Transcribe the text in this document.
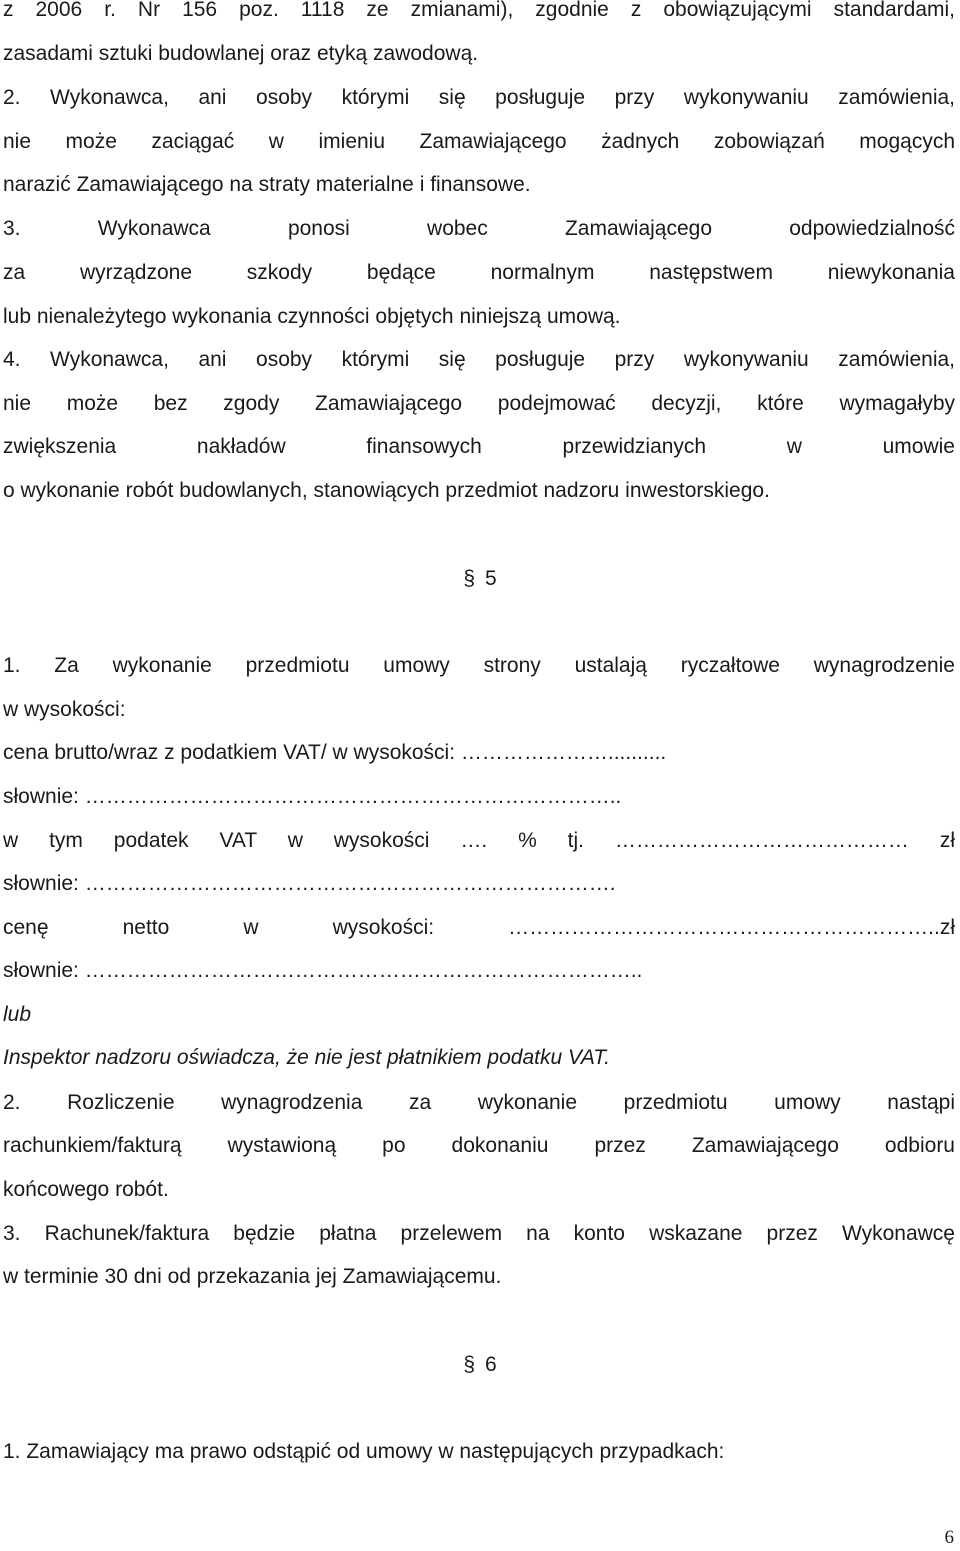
z 2006 r. Nr 156 poz. 1118 ze zmianami), zgodnie z obowiązującymi standardami,
zasadami sztuki budowlanej oraz etyką zawodową.
2. Wykonawca, ani osoby którymi się posługuje przy wykonywaniu zamówienia,
nie może zaciągać w imieniu Zamawiającego żadnych zobowiązań mogących
narazić Zamawiającego na straty materialne i finansowe.
3. Wykonawca ponosi wobec Zamawiającego odpowiedzialność
za wyrządzone szkody będące normalnym następstwem niewykonania
lub nienależytego wykonania czynności objętych niniejszą umową.
4. Wykonawca, ani osoby którymi się posługuje przy wykonywaniu zamówienia,
nie może bez zgody Zamawiającego podejmować decyzji, które wymagałyby
zwiększenia nakładów finansowych przewidzianych w umowie
o wykonanie robót budowlanych, stanowiących przedmiot nadzoru inwestorskiego.
§ 5
1. Za wykonanie przedmiotu umowy strony ustalają ryczałtowe wynagrodzenie
w wysokości:
cena brutto/wraz z podatkiem VAT/ w wysokości: …………………..........
słownie: …………………………………………………………………..
w tym podatek VAT w wysokości …. % tj. …………………………………… zł
słownie: ………………………………………………………………….
cenę netto w wysokości: ……………………………………………………..zł
słownie: ……………………………………………………………………..
lub
Inspektor nadzoru oświadcza, że nie jest płatnikiem podatku VAT.
2. Rozliczenie wynagrodzenia za wykonanie przedmiotu umowy nastąpi
rachunkiem/fakturą wystawioną po dokonaniu przez Zamawiającego odbioru
końcowego robót.
3. Rachunek/faktura będzie płatna przelewem na konto wskazane przez Wykonawcę
w terminie 30 dni od przekazania jej Zamawiającemu.
§ 6
1. Zamawiający ma prawo odstąpić od umowy w następujących przypadkach:
6
